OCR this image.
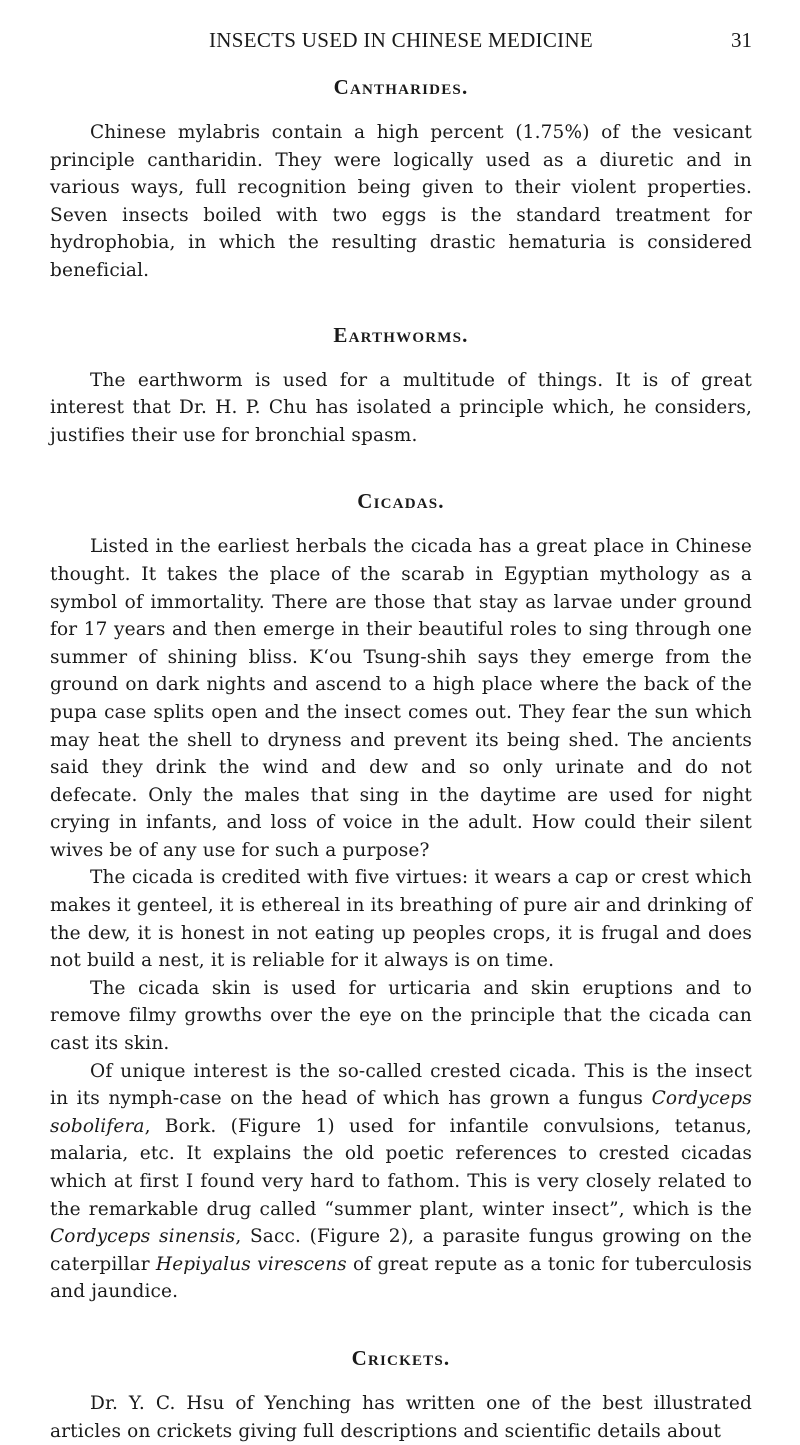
INSECTS USED IN CHINESE MEDICINE	31
Cantharides.

Chinese mylabris contain a high percent (1.75%) of the vesicant principle cantharidin. They were logically used as a diuretic and in various ways, full recognition being given to their violent properties. Seven insects boiled with two eggs is the standard treatment for hydrophobia, in which the resulting drastic hematuria is considered beneficial.

Earthworms.

The earthworm is used for a multitude of things. It is of great interest that Dr. H. P. Chu has isolated a principle which, he considers, justifies their use for bronchial spasm.

Cicadas.

Listed in the earliest herbals the cicada has a great place in Chinese thought. It takes the place of the scarab in Egyptian mythology as a symbol of immortality. There are those that stay as larvae under ground for 17 years and then emerge in their beautiful roles to sing through one summer of shining bliss. K‘ou Tsung-shih says they emerge from the ground on dark nights and ascend to a high place where the back of the pupa case splits open and the insect comes out. They fear the sun which may heat the shell to dryness and prevent its being shed. The ancients said they drink the wind and dew and so only urinate and do not defecate. Only the males that sing in the daytime are used for night crying in infants, and loss of voice in the adult. How could their silent wives be of any use for such a purpose?

The cicada is credited with five virtues: it wears a cap or crest which makes it genteel, it is ethereal in its breathing of pure air and drinking of the dew, it is honest in not eating up peoples crops, it is frugal and does not build a nest, it is reliable for it always is on time.

The cicada skin is used for urticaria and skin eruptions and to remove filmy growths over the eye on the principle that the cicada can cast its skin.

Of unique interest is the so-called crested cicada. This is the insect in its nymph-case on the head of which has grown a fungus Cordyceps sobolifera, Bork. (Figure 1) used for infantile convulsions, tetanus, malaria, etc. It explains the old poetic references to crested cicadas which at first I found very hard to fathom. This is very closely related to the remarkable drug called “summer plant, winter insect”, which is the Cordyceps sinensis, Sacc. (Figure 2), a parasite fungus growing on the caterpillar Hepiyalus virescens of great repute as a tonic for tuberculosis and jaundice.

Crickets.

Dr. Y. C. Hsu of Yenching has written one of the best illustrated articles on crickets giving full descriptions and scientific details about
